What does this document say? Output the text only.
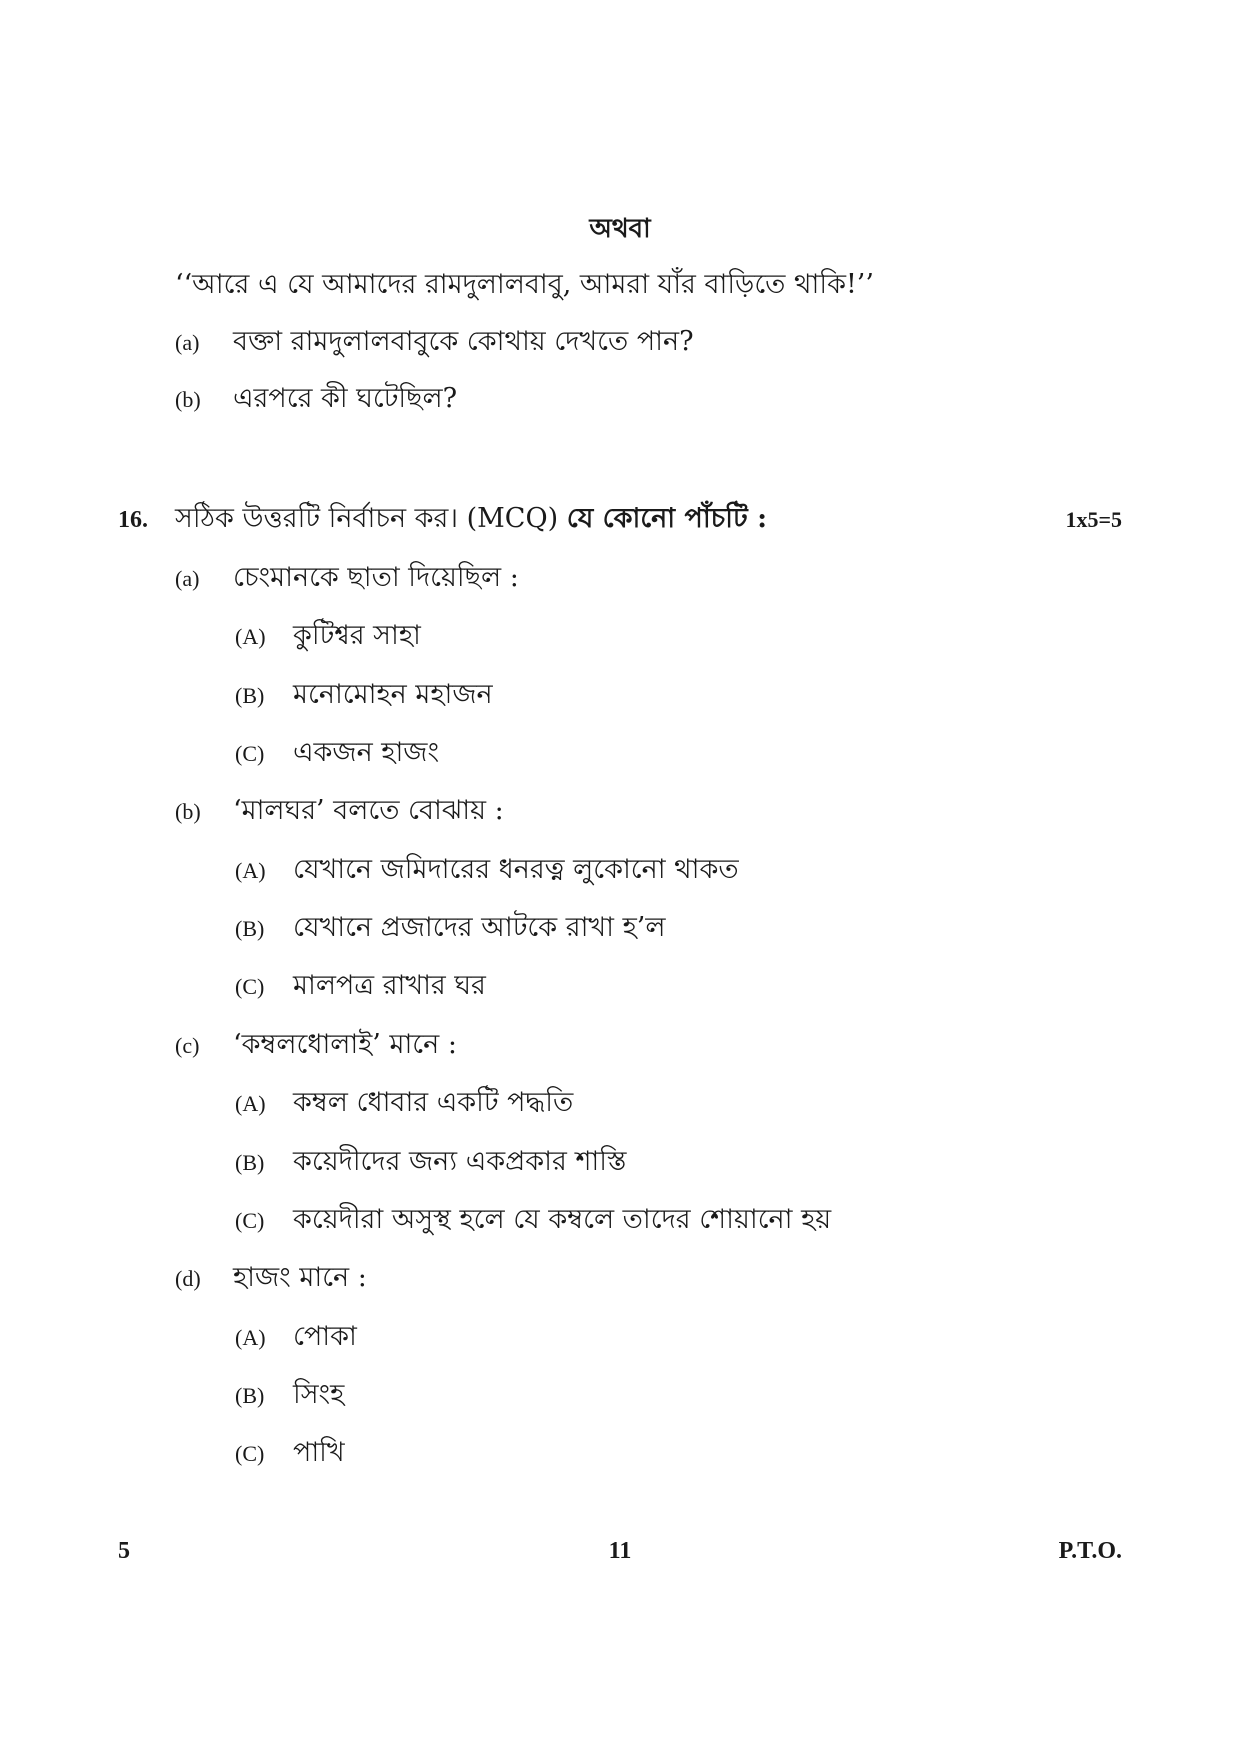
অথবা
‘‘আরে এ যে আমাদের রামদুলালবাবু, আমরা যাঁর বাড়িতে থাকি!’’
(a) বক্তা রামদুলালবাবুকে কোথায় দেখতে পান?
(b) এরপরে কী ঘটেছিল?
16. সঠিক উত্তরটি নির্বাচন কর। (MCQ) যে কোনো পাঁচটি :	1x5=5
(a) চেংমানকে ছাতা দিয়েছিল :
(A) কুটিশ্বর সাহা
(B) মনোমোহন মহাজন
(C) একজন হাজং
(b) ‘মালঘর’ বলতে বোঝায় :
(A) যেখানে জমিদারের ধনরত্ন লুকোনো থাকত
(B) যেখানে প্রজাদের আটকে রাখা হ’ল
(C) মালপত্র রাখার ঘর
(c) ‘কম্বলধোলাই’ মানে :
(A) কম্বল ধোবার একটি পদ্ধতি
(B) কয়েদীদের জন্য একপ্রকার শাস্তি
(C) কয়েদীরা অসুস্থ হলে যে কম্বলে তাদের শোয়ানো হয়
(d) হাজং মানে :
(A) পোকা
(B) সিংহ
(C) পাখি
5	11	P.T.O.
